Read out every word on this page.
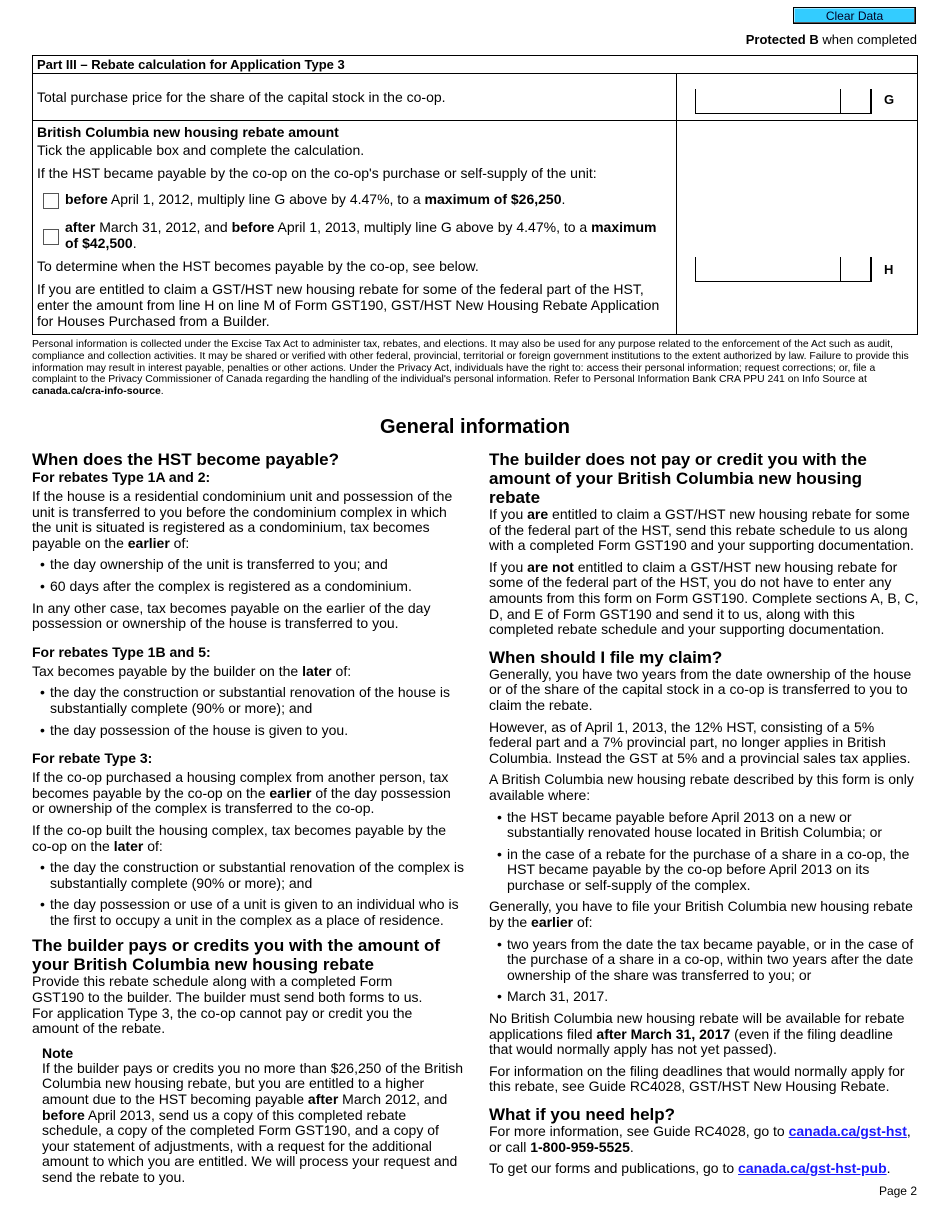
Clear Data
Protected B when completed
Part III – Rebate calculation for Application Type 3
Total purchase price for the share of the capital stock in the co-op.	G
British Columbia new housing rebate amount
Tick the applicable box and complete the calculation.
If the HST became payable by the co-op on the co-op's purchase or self-supply of the unit:
before April 1, 2012, multiply line G above by 4.47%, to a maximum of $26,250.
after March 31, 2012, and before April 1, 2013, multiply line G above by 4.47%, to a maximum of $42,500.
To determine when the HST becomes payable by the co-op, see below.
If you are entitled to claim a GST/HST new housing rebate for some of the federal part of the HST, enter the amount from line H on line M of Form GST190, GST/HST New Housing Rebate Application for Houses Purchased from a Builder.
H
Personal information is collected under the Excise Tax Act to administer tax, rebates, and elections. It may also be used for any purpose related to the enforcement of the Act such as audit, compliance and collection activities. It may be shared or verified with other federal, provincial, territorial or foreign government institutions to the extent authorized by law. Failure to provide this information may result in interest payable, penalties or other actions. Under the Privacy Act, individuals have the right to: access their personal information; request corrections; or, file a complaint to the Privacy Commissioner of Canada regarding the handling of the individual's personal information. Refer to Personal Information Bank CRA PPU 241 on Info Source at canada.ca/cra-info-source.
General information
When does the HST become payable?
For rebates Type 1A and 2:

If the house is a residential condominium unit and possession of the unit is transferred to you before the condominium complex in which the unit is situated is registered as a condominium, tax becomes payable on the earlier of:

• the day ownership of the unit is transferred to you; and
• 60 days after the complex is registered as a condominium.

In any other case, tax becomes payable on the earlier of the day possession or ownership of the house is transferred to you.

For rebates Type 1B and 5:

Tax becomes payable by the builder on the later of:

• the day the construction or substantial renovation of the house is substantially complete (90% or more); and
• the day possession of the house is given to you.
For rebate Type 3:

If the co-op purchased a housing complex from another person, tax becomes payable by the co-op on the earlier of the day possession or ownership of the complex is transferred to the co-op.

If the co-op built the housing complex, tax becomes payable by the co-op on the later of:

• the day the construction or substantial renovation of the complex is substantially complete (90% or more); and
• the day possession or use of a unit is given to an individual who is the first to occupy a unit in the complex as a place of residence.
The builder pays or credits you with the amount of your British Columbia new housing rebate

Provide this rebate schedule along with a completed Form GST190 to the builder. The builder must send both forms to us. For application Type 3, the co-op cannot pay or credit you the amount of the rebate.

Note

If the builder pays or credits you no more than $26,250 of the British Columbia new housing rebate, but you are entitled to a higher amount due to the HST becoming payable after March 2012, and before April 2013, send us a copy of this completed rebate schedule, a copy of the completed Form GST190, and a copy of your statement of adjustments, with a request for the additional amount to which you are entitled. We will process your request and send the rebate to you.

The builder does not pay or credit you with the amount of your British Columbia new housing rebate

If you are entitled to claim a GST/HST new housing rebate for some of the federal part of the HST, send this rebate schedule to us along with a completed Form GST190 and your supporting documentation.

If you are not entitled to claim a GST/HST new housing rebate for some of the federal part of the HST, you do not have to enter any amounts from this form on Form GST190. Complete sections A, B, C, D, and E of Form GST190 and send it to us, along with this completed rebate schedule and your supporting documentation.

When should I file my claim?

Generally, you have two years from the date ownership of the house or of the share of the capital stock in a co-op is transferred to you to claim the rebate.

However, as of April 1, 2013, the 12% HST, consisting of a 5% federal part and a 7% provincial part, no longer applies in British Columbia. Instead the GST at 5% and a provincial sales tax applies.

A British Columbia new housing rebate described by this form is only available where:

• the HST became payable before April 2013 on a new or substantially renovated house located in British Columbia; or
• in the case of a rebate for the purchase of a share in a co-op, the HST became payable by the co-op before April 2013 on its purchase or self-supply of the complex.

Generally, you have to file your British Columbia new housing rebate by the earlier of:

• two years from the date the tax became payable, or in the case of the purchase of a share in a co-op, within two years after the date ownership of the share was transferred to you; or
• March 31, 2017.

No British Columbia new housing rebate will be available for rebate applications filed after March 31, 2017 (even if the filing deadline that would normally apply has not yet passed).

For information on the filing deadlines that would normally apply for this rebate, see Guide RC4028, GST/HST New Housing Rebate.

What if you need help?

For more information, see Guide RC4028, go to canada.ca/gst-hst,
or call 1-800-959-5525.

To get our forms and publications, go to canada.ca/gst-hst-pub.

Page 2
